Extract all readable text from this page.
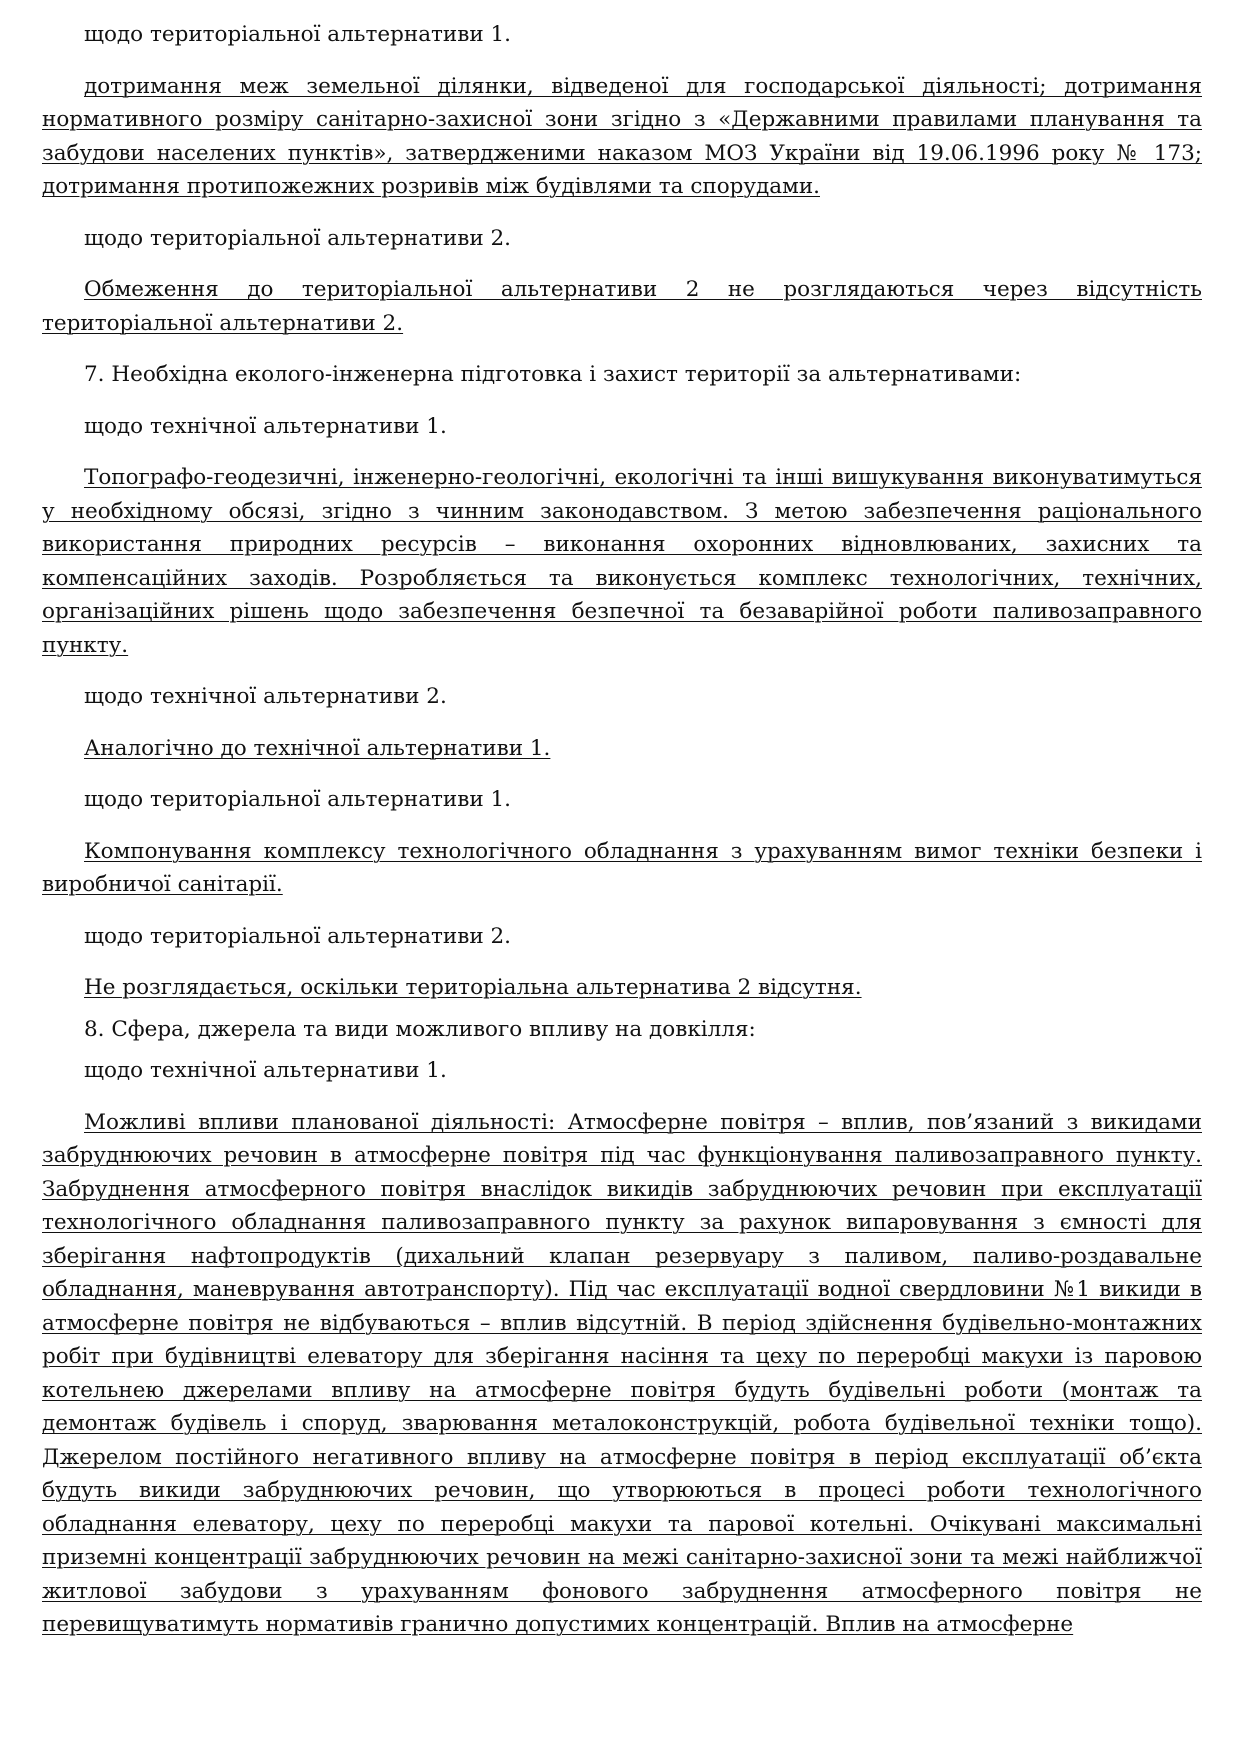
щодо територіальної альтернативи 1.

дотримання меж земельної ділянки, відведеної для господарської діяльності; дотримання нормативного розміру санітарно-захисної зони згідно з «Державними правилами планування та забудови населених пунктів», затвердженими наказом МОЗ України від 19.06.1996 року № 173; дотримання протипожежних розривів між будівлями та спорудами.

щодо територіальної альтернативи 2.

Обмеження до територіальної альтернативи 2 не розглядаються через відсутність територіальної альтернативи 2.

7. Необхідна еколого-інженерна підготовка і захист території за альтернативами:

щодо технічної альтернативи 1.

Топографо-геодезичні, інженерно-геологічні, екологічні та інші вишукування виконуватимуться у необхідному обсязі, згідно з чинним законодавством. З метою забезпечення раціонального використання природних ресурсів – виконання охоронних відновлюваних, захисних та компенсаційних заходів. Розробляється та виконується комплекс технологічних, технічних, організаційних рішень щодо забезпечення безпечної та безаварійної роботи паливозаправного пункту.

щодо технічної альтернативи 2.

Аналогічно до технічної альтернативи 1.

щодо територіальної альтернативи 1.

Компонування комплексу технологічного обладнання з урахуванням вимог техніки безпеки і виробничої санітарії.

щодо територіальної альтернативи 2.

Не розглядається, оскільки територіальна альтернатива 2 відсутня.

8. Сфера, джерела та види можливого впливу на довкілля:

щодо технічної альтернативи 1.

Можливі впливи планованої діяльності: Атмосферне повітря – вплив, пов’язаний з викидами забруднюючих речовин в атмосферне повітря під час функціонування паливозаправного пункту. Забруднення атмосферного повітря внаслідок викидів забруднюючих речовин при експлуатації технологічного обладнання паливозаправного пункту за рахунок випаровування з ємності для зберігання нафтопродуктів (дихальний клапан резервуару з паливом, паливо-роздавальне обладнання, маневрування автотранспорту). Під час експлуатації водної свердловини №1 викиди в атмосферне повітря не відбуваються – вплив відсутній. В період здійснення будівельно-монтажних робіт при будівництві елеватору для зберігання насіння та цеху по переробці макухи із паровою котельнею джерелами впливу на атмосферне повітря будуть будівельні роботи (монтаж та демонтаж будівель і споруд, зварювання металоконструкцій, робота будівельної техніки тощо). Джерелом постійного негативного впливу на атмосферне повітря в період експлуатації об’єкта будуть викиди забруднюючих речовин, що утворюються в процесі роботи технологічного обладнання елеватору, цеху по переробці макухи та парової котельні. Очікувані максимальні приземні концентрації забруднюючих речовин на межі санітарно-захисної зони та межі найближчої житлової забудови з урахуванням фонового забруднення атмосферного повітря не перевищуватимуть нормативів гранично допустимих концентрацій. Вплив на атмосферне
